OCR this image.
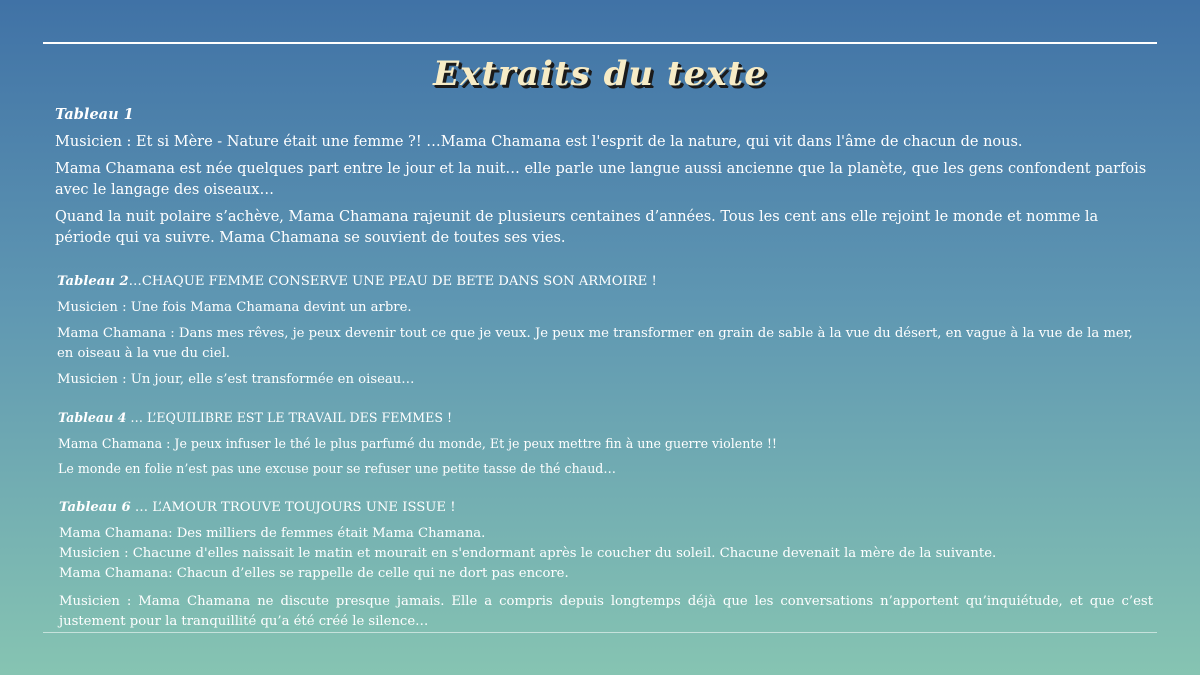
Extraits du texte

Tableau 1

Musicien : Et si Mère - Nature était une femme ?! …Mama Chamana est l'esprit de la nature, qui vit dans l'âme de chacun de nous.

Mama Chamana est née quelques part entre le jour et la nuit… elle parle une langue aussi ancienne que la planète, que les gens confondent parfois avec le langage des oiseaux…

Quand la nuit polaire s’achève, Mama Chamana rajeunit de plusieurs centaines d’années. Tous les cent ans elle rejoint le monde et nomme la période qui va suivre. Mama Chamana se souvient de toutes ses vies.

Tableau 2…CHAQUE FEMME CONSERVE UNE PEAU DE BETE DANS SON ARMOIRE !

Musicien : Une fois Mama Chamana devint un arbre.

Mama Chamana : Dans mes rêves, je peux devenir tout ce que je veux. Je peux me transformer en grain de sable à la vue du désert, en vague à la vue de la mer, en oiseau à la vue du ciel.

Musicien : Un jour, elle s’est transformée en oiseau…

Tableau 4 … L’EQUILIBRE EST LE TRAVAIL DES FEMMES !

Mama Chamana : Je peux infuser le thé le plus parfumé du monde, Et je peux mettre fin à une guerre violente !!

Le monde en folie n’est pas une excuse pour se refuser une petite tasse de thé chaud…

Tableau 6 … L’AMOUR TROUVE TOUJOURS UNE ISSUE !

Mama Chamana: Des milliers de femmes était Mama Chamana.

Musicien : Chacune d'elles naissait le matin et mourait en s'endormant après le coucher du soleil. Chacune devenait la mère de la suivante.

Mama Chamana: Chacun d’elles se rappelle de celle qui ne dort pas encore.

Musicien : Mama Chamana ne discute presque jamais. Elle a compris depuis longtemps déjà que les conversations n’apportent qu’inquiétude, et que c’est justement pour la tranquillité qu’a été créé le silence…
